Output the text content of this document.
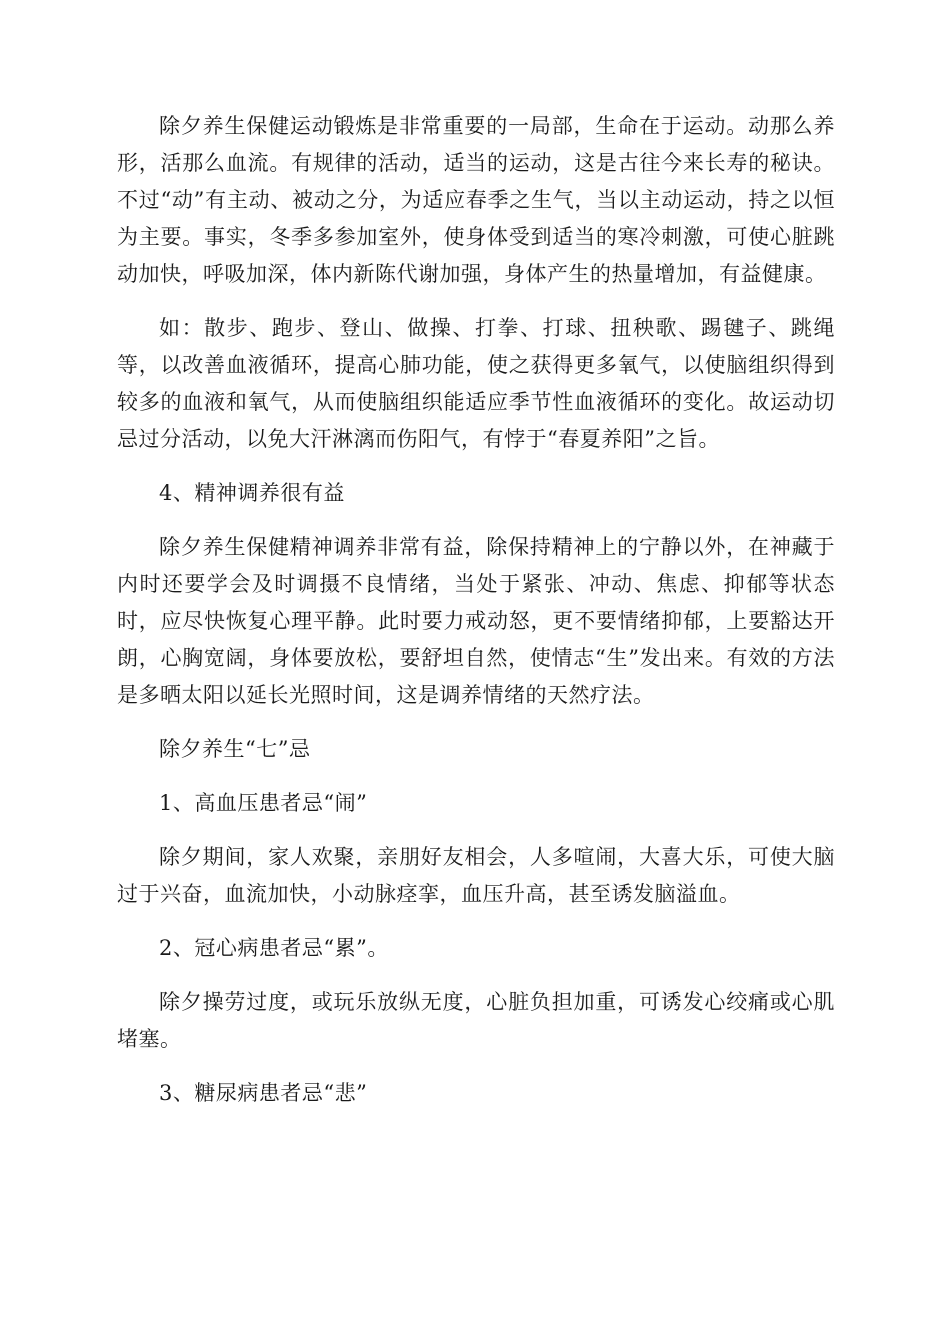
除夕养生保健运动锻炼是非常重要的一局部，生命在于运动。动那么养形，活那么血流。有规律的活动，适当的运动，这是古往今来长寿的秘诀。不过“动”有主动、被动之分，为适应春季之生气，当以主动运动，持之以恒为主要。事实，冬季多参加室外，使身体受到适当的寒冷刺激，可使心脏跳动加快，呼吸加深，体内新陈代谢加强，身体产生的热量增加，有益健康。

如：散步、跑步、登山、做操、打拳、打球、扭秧歌、踢毽子、跳绳等，以改善血液循环，提高心肺功能，使之获得更多氧气，以使脑组织得到较多的血液和氧气，从而使脑组织能适应季节性血液循环的变化。故运动切忌过分活动，以免大汗淋漓而伤阳气，有悖于“春夏养阳”之旨。

4、精神调养很有益

除夕养生保健精神调养非常有益，除保持精神上的宁静以外，在神藏于内时还要学会及时调摄不良情绪，当处于紧张、冲动、焦虑、抑郁等状态时，应尽快恢复心理平静。此时要力戒动怒，更不要情绪抑郁，上要豁达开朗，心胸宽阔，身体要放松，要舒坦自然，使情志“生”发出来。有效的方法是多晒太阳以延长光照时间，这是调养情绪的天然疗法。

除夕养生“七”忌

1、高血压患者忌“闹”

除夕期间，家人欢聚，亲朋好友相会，人多喧闹，大喜大乐，可使大脑过于兴奋，血流加快，小动脉痉挛，血压升高，甚至诱发脑溢血。

2、冠心病患者忌“累”。

除夕操劳过度，或玩乐放纵无度，心脏负担加重，可诱发心绞痛或心肌堵塞。

3、糖尿病患者忌“悲”
